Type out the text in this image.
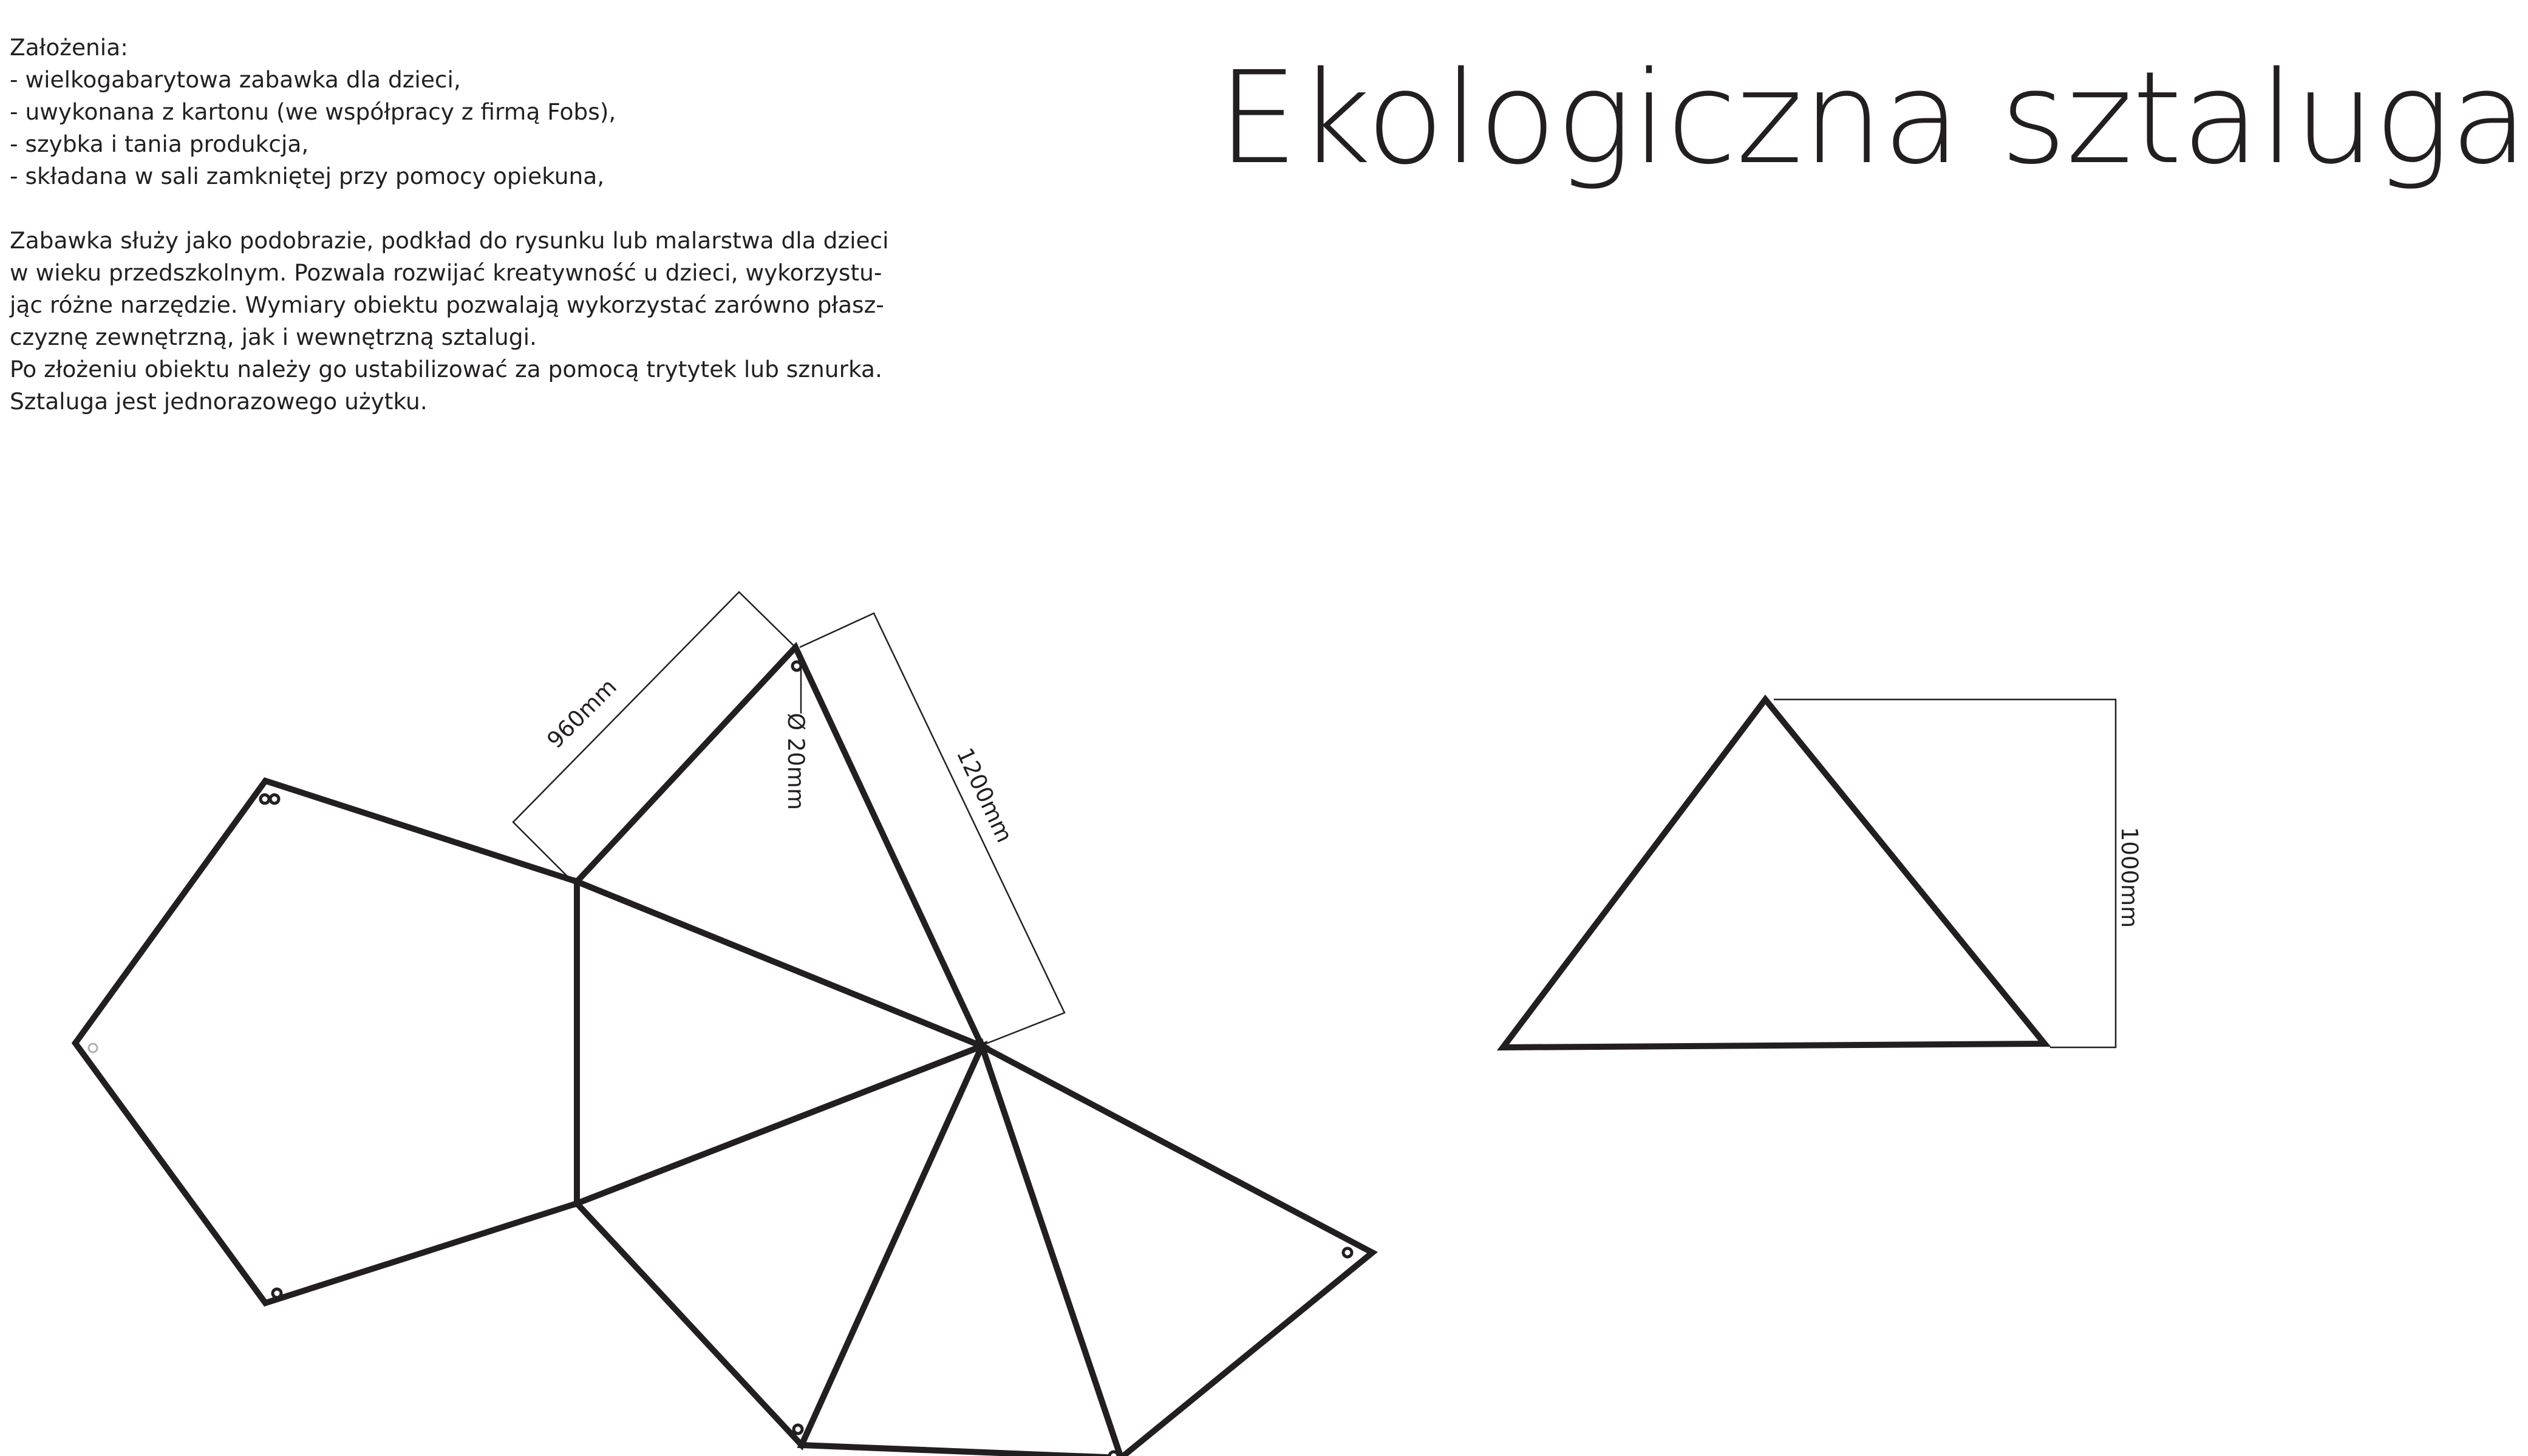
Założenia:

- wielkogabarytowa zabawka dla dzieci,

- uwykonana z kartonu (we współpracy z firmą Fobs),

- szybka i tania produkcja,

- składana w sali zamkniętej przy pomocy opiekuna,

Zabawka służy jako podobrazie, podkład do rysunku lub malarstwa dla dzieci

w wieku przedszkolnym. Pozwala rozwijać kreatywność u dzieci, wykorzystu-

jąc różne narzędzie. Wymiary obiektu pozwalają wykorzystać zarówno płasz-

czyznę zewnętrzną, jak i wewnętrzną sztalugi.

Po złożeniu obiektu należy go ustabilizować za pomocą trytytek lub sznurka.

Sztaluga jest jednorazowego użytku.

Ekologiczna sztaluga
960mm
1200mm
Ø 20mm
1000mm
